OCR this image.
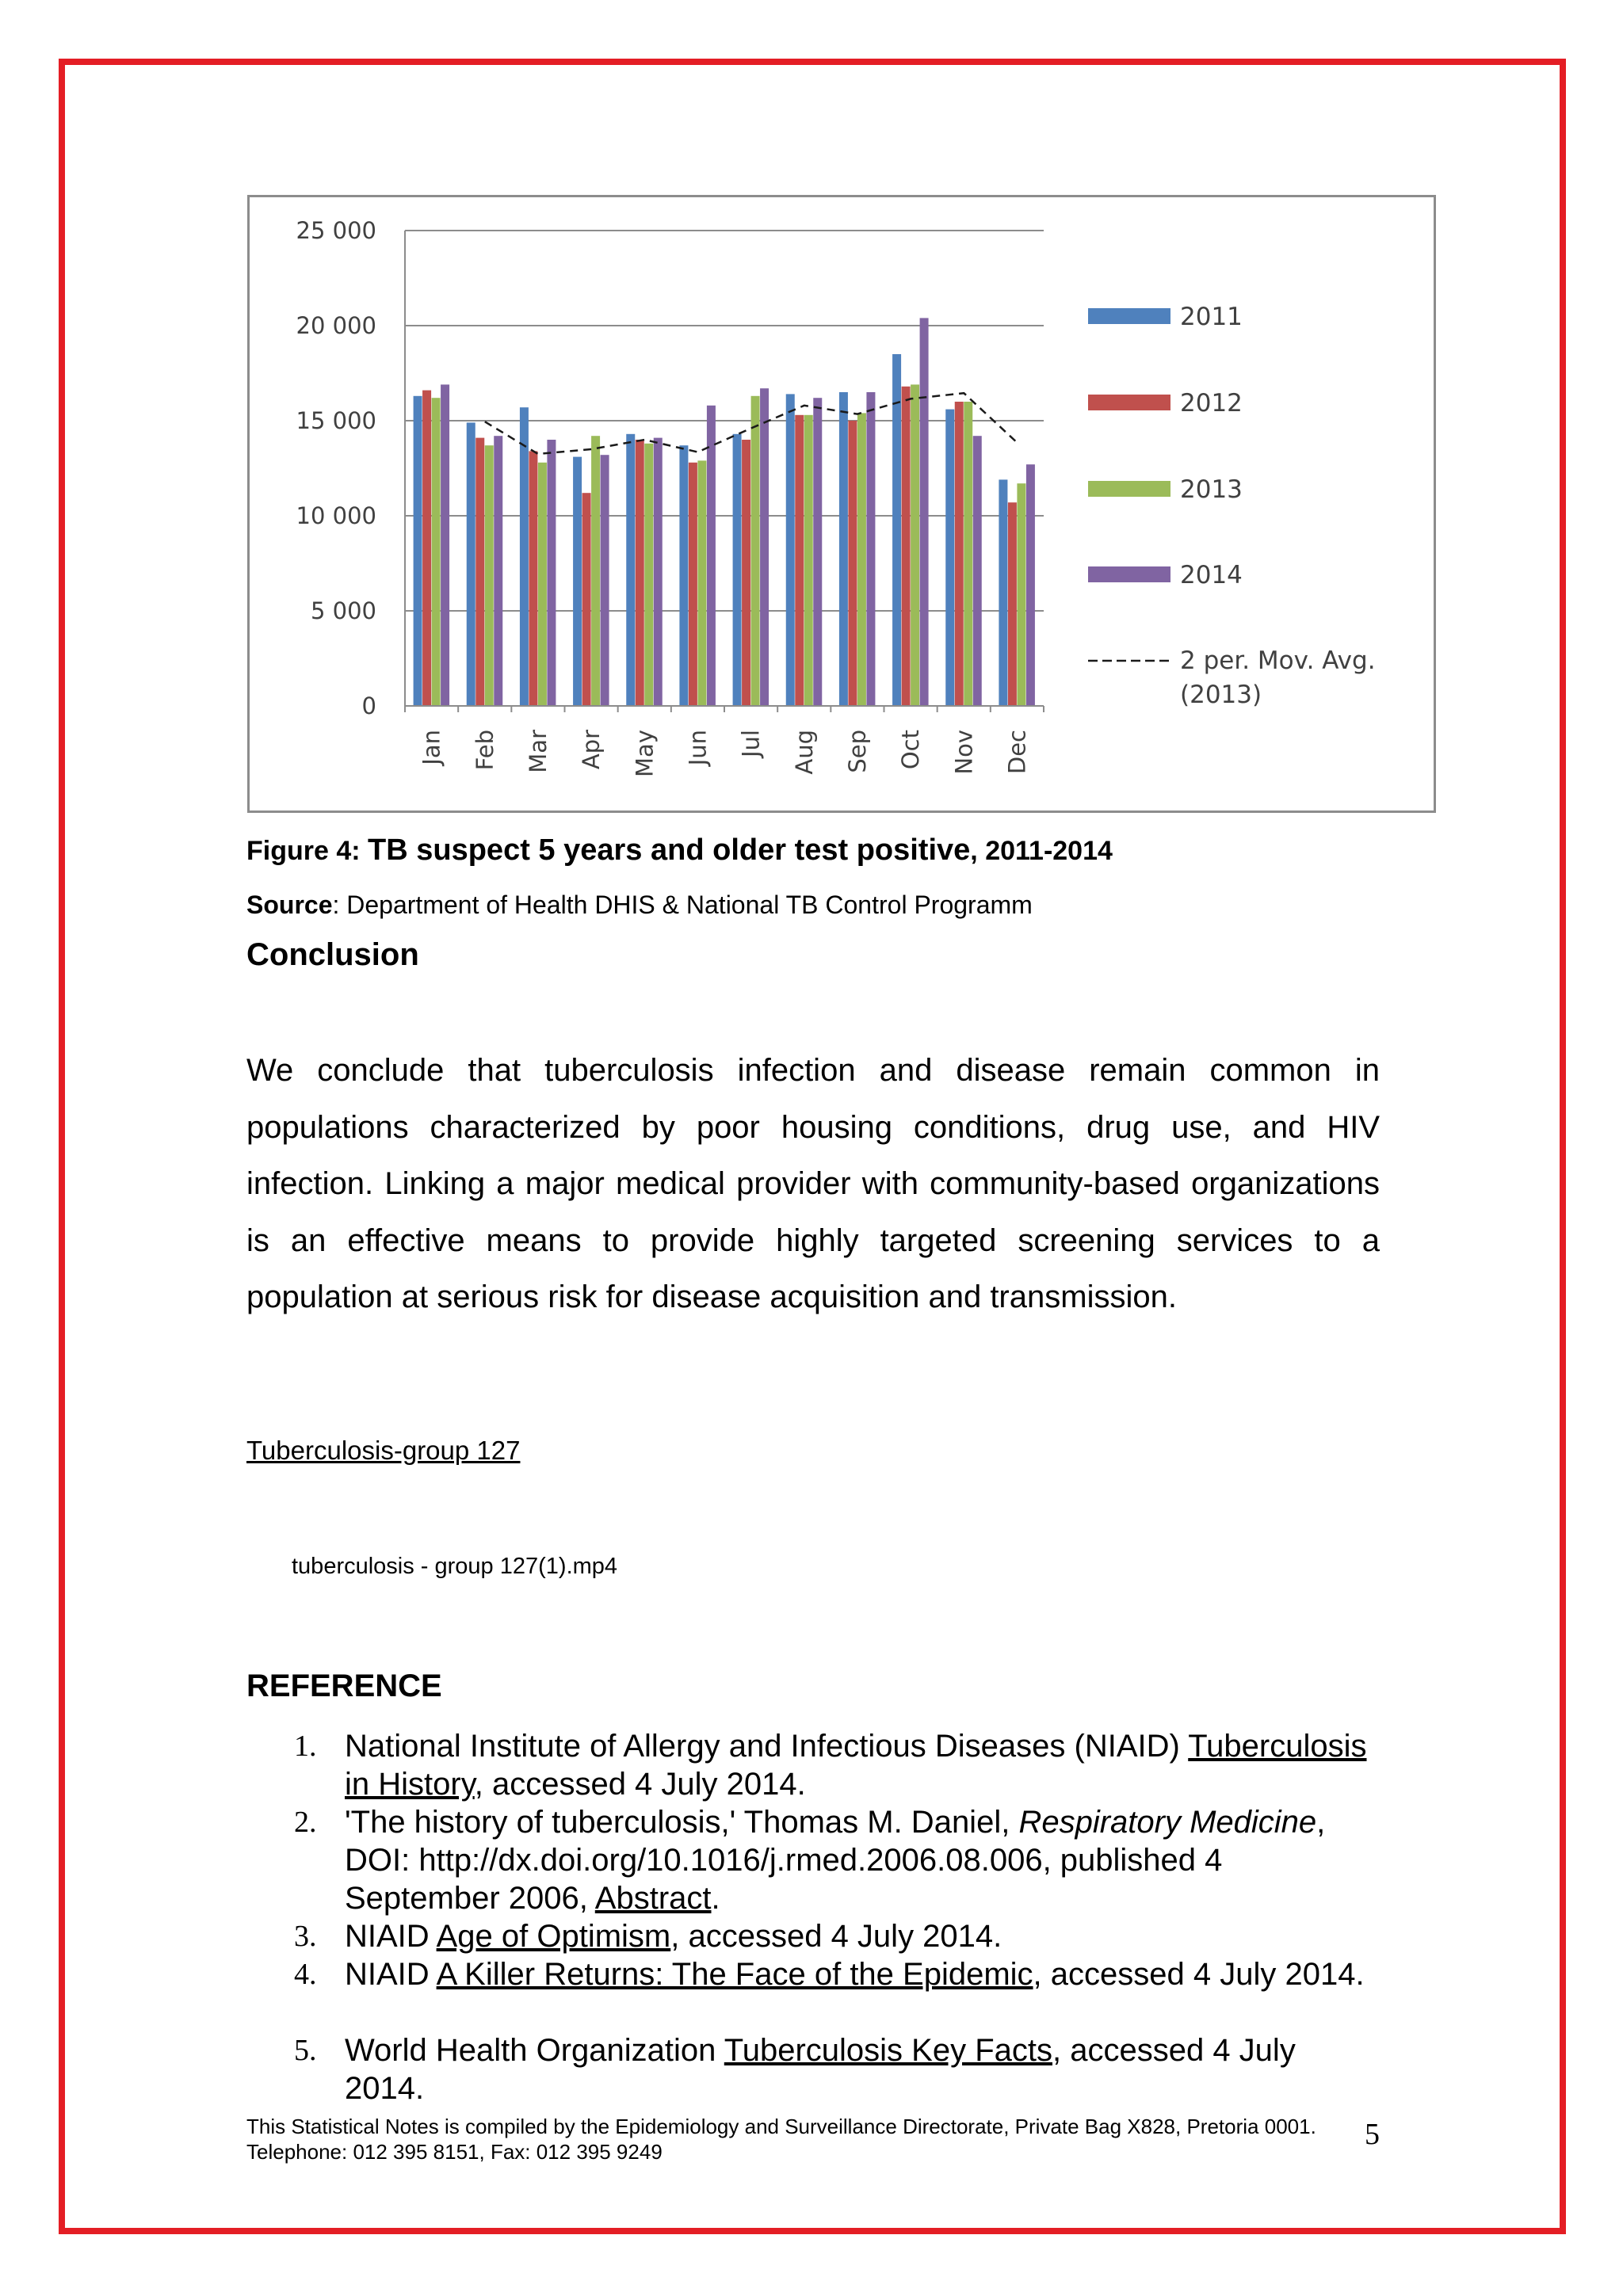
0
5 000
10 000
15 000
20 000
25 000
Jan Feb Mar Apr May Jun Jul Aug Sep Oct Nov Dec
2011
2012
2013
2014
2 per. Mov. Avg.
(2013)
Figure 4: TB suspect 5 years and older test positive, 2011-2014
Source: Department of Health DHIS & National TB Control Programm
Conclusion
We conclude that tuberculosis infection and disease remain common in populations characterized by poor housing conditions, drug use, and HIV infection. Linking a major medical provider with community-based organizations is an effective means to provide highly targeted screening services to a population at serious risk for disease acquisition and transmission.
Tuberculosis-group 127
tuberculosis - group 127(1).mp4
REFERENCE
1. National Institute of Allergy and Infectious Diseases (NIAID) Tuberculosis in History, accessed 4 July 2014.
2. 'The history of tuberculosis,' Thomas M. Daniel, Respiratory Medicine, DOI: http://dx.doi.org/10.1016/j.rmed.2006.08.006, published 4 September 2006, Abstract.
3. NIAID Age of Optimism, accessed 4 July 2014.
4. NIAID A Killer Returns: The Face of the Epidemic, accessed 4 July 2014.
5. World Health Organization Tuberculosis Key Facts, accessed 4 July 2014.
This Statistical Notes is compiled by the Epidemiology and Surveillance Directorate, Private Bag X828, Pretoria 0001. Telephone: 012 395 8151, Fax: 012 395 9249
5
